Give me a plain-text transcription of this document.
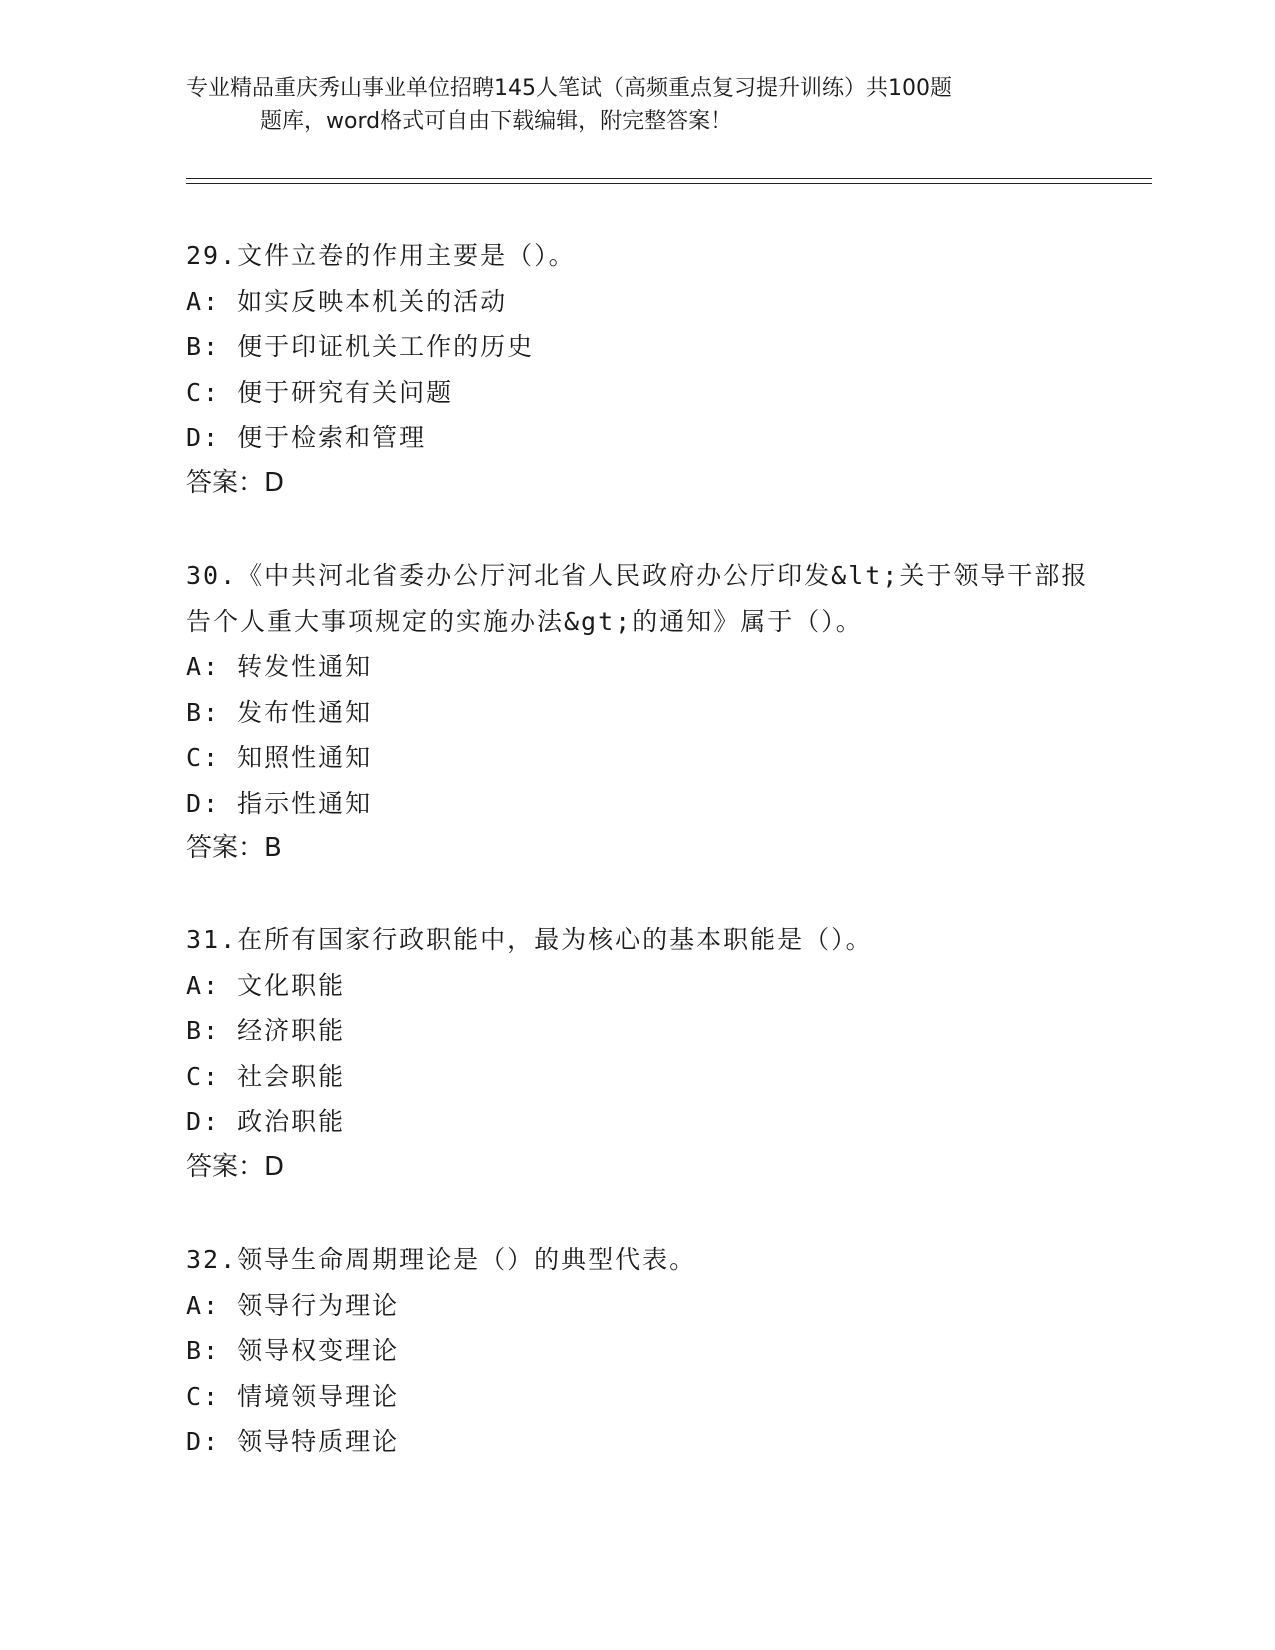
专业精品重庆秀山事业单位招聘145人笔试（高频重点复习提升训练）共100题
题库，word格式可自由下载编辑，附完整答案！
29.文件立卷的作用主要是（）。
A: 如实反映本机关的活动
B: 便于印证机关工作的历史
C: 便于研究有关问题
D: 便于检索和管理
答案：D
30.《中共河北省委办公厅河北省人民政府办公厅印发&lt;关于领导干部报告个人重大事项规定的实施办法&gt;的通知》属于（）。
A: 转发性通知
B: 发布性通知
C: 知照性通知
D: 指示性通知
答案：B
31.在所有国家行政职能中，最为核心的基本职能是（）。
A: 文化职能
B: 经济职能
C: 社会职能
D: 政治职能
答案：D
32.领导生命周期理论是（）的典型代表。
A: 领导行为理论
B: 领导权变理论
C: 情境领导理论
D: 领导特质理论
